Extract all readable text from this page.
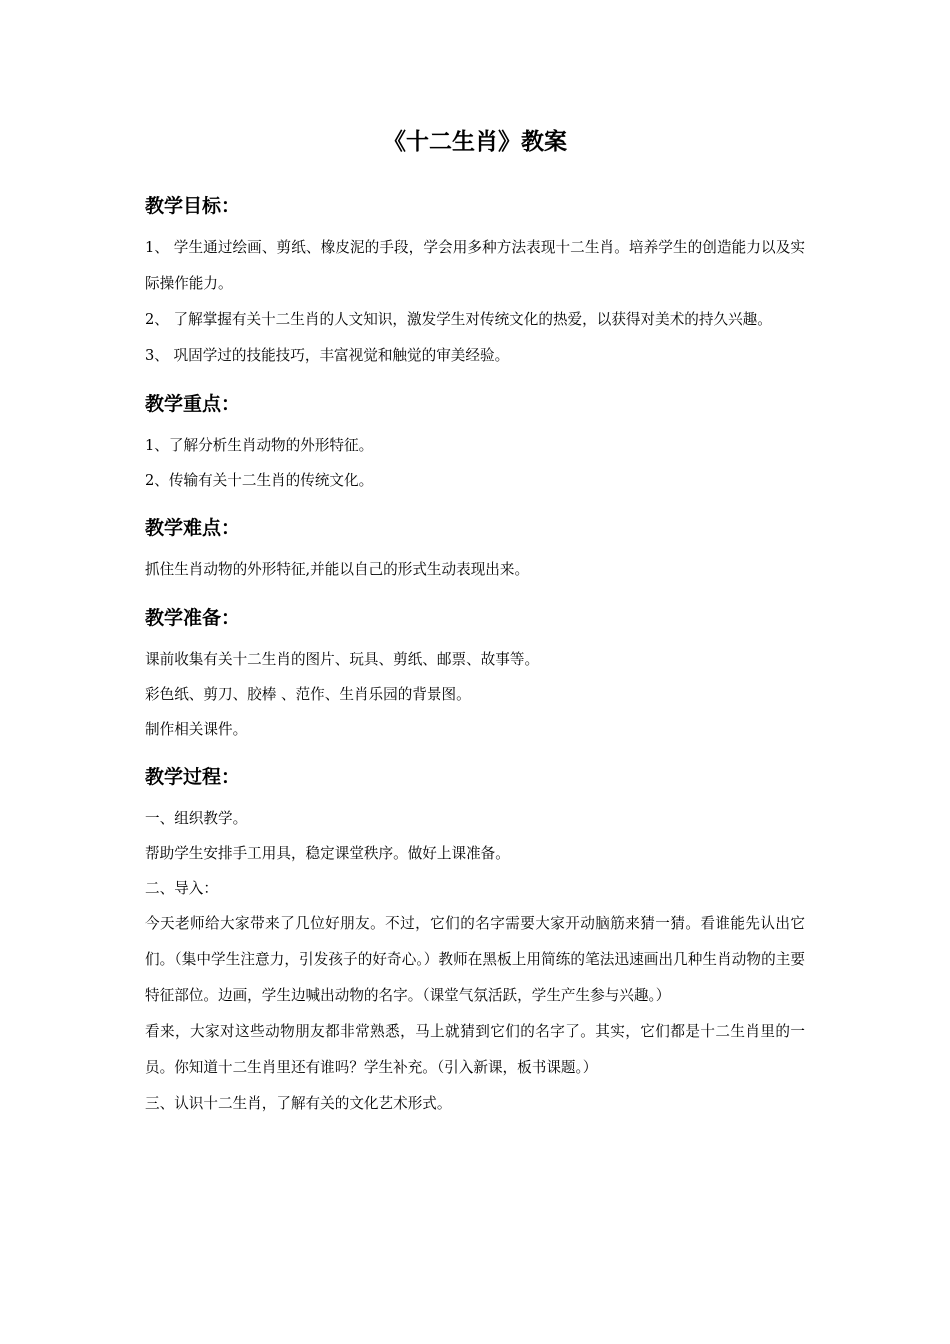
《十二生肖》教案
教学目标：

1、 学生通过绘画、剪纸、橡皮泥的手段，学会用多种方法表现十二生肖。培养学生的创造能力以及实际操作能力。

2、 了解掌握有关十二生肖的人文知识，激发学生对传统文化的热爱，以获得对美术的持久兴趣。

3、 巩固学过的技能技巧，丰富视觉和触觉的审美经验。

教学重点：

1、了解分析生肖动物的外形特征。

2、传输有关十二生肖的传统文化。

教学难点：

抓住生肖动物的外形特征,并能以自己的形式生动表现出来。

教学准备：

课前收集有关十二生肖的图片、玩具、剪纸、邮票、故事等。

彩色纸、剪刀、胶棒 、范作、生肖乐园的背景图。

制作相关课件。

教学过程：

一、组织教学。

帮助学生安排手工用具，稳定课堂秩序。做好上课准备。

二、导入：

今天老师给大家带来了几位好朋友。不过，它们的名字需要大家开动脑筋来猜一猜。看谁能先认出它们。（集中学生注意力，引发孩子的好奇心。）教师在黑板上用简练的笔法迅速画出几种生肖动物的主要特征部位。边画，学生边喊出动物的名字。（课堂气氛活跃，学生产生参与兴趣。）

看来，大家对这些动物朋友都非常熟悉，马上就猜到它们的名字了。其实，它们都是十二生肖里的一员。你知道十二生肖里还有谁吗？学生补充。（引入新课，板书课题。）

三、认识十二生肖，了解有关的文化艺术形式。
